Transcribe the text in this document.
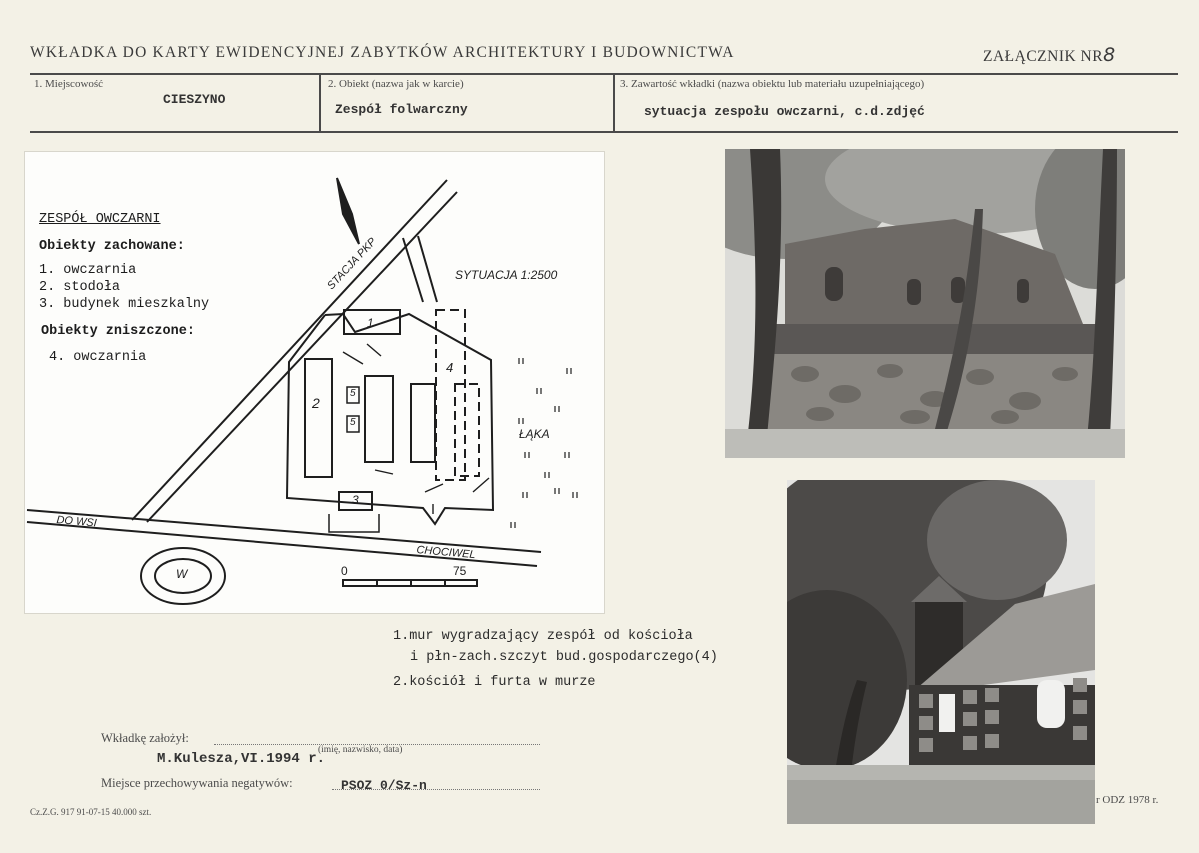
WKŁADKA DO KARTY EWIDENCYJNEJ ZABYTKÓW ARCHITEKTURY I BUDOWNICTWA	ZAŁĄCZNIK NR8
1. Miejscowość
CIESZYNO
2. Obiekt (nazwa jak w karcie)
Zespół folwarczny
3. Zawartość wkładki (nazwa obiektu lub materiału uzupełniającego)
sytuacja zespołu owczarni, c.d.zdjęć
ZESPÓŁ OWCZARNI
Obiekty zachowane:
1. owczarnia
2. stodoła
3. budynek mieszkalny
Obiekty zniszczone:
4. owczarnia
SYTUACJA 1:2500
STACJA PKP
DO WSI
CHOCIWEL
ŁĄKA
W	0	75
1
2
3
4
5
5
1.mur wygradzający zespół od kościoła
i płn-zach.szczyt bud.gospodarczego(4)
2.kościół i furta w murze
Wkładkę założył:
M.Kulesza,VI.1994 r.
(imię, nazwisko, data)
Miejsce przechowywania negatywów:	PSOZ 0/Sz-n
Cz.Z.G. 917 91-07-15 40.000 szt.
r ODZ 1978 r.
